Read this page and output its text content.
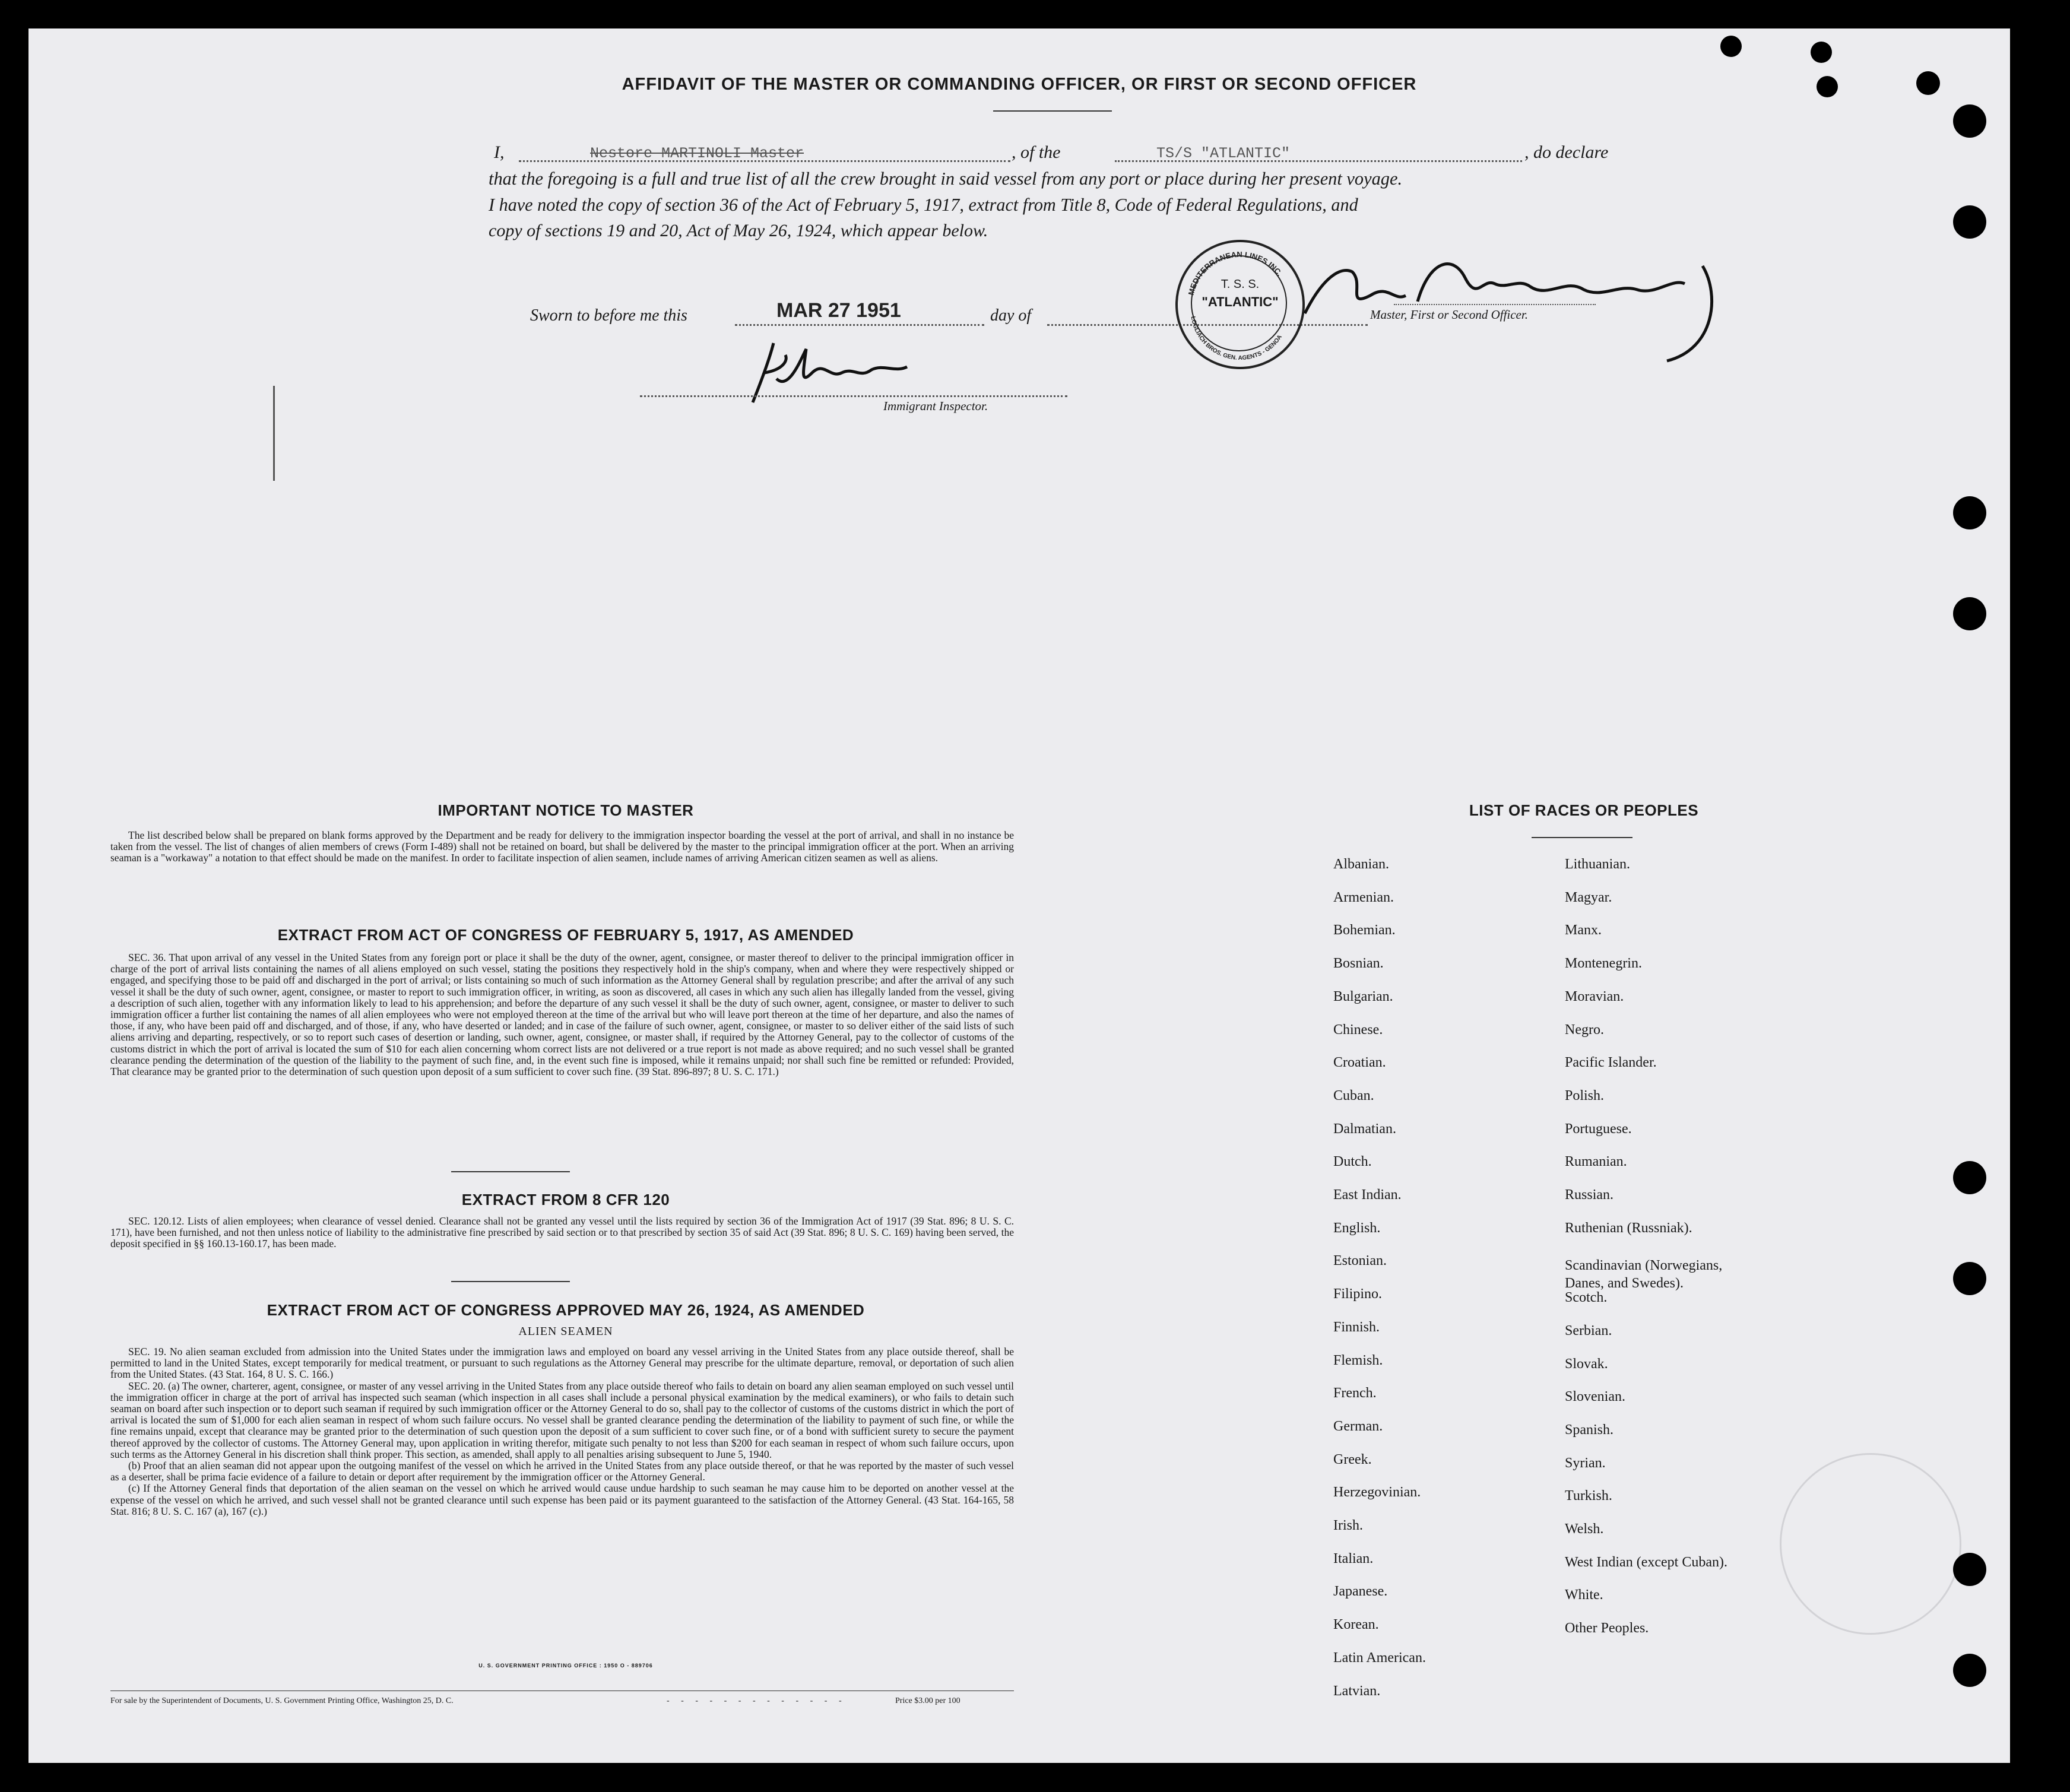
AFFIDAVIT OF THE MASTER OR COMMANDING OFFICER, OR FIRST OR SECOND OFFICER
I,	Nestore MARTINOLI Master	, of the	TS/S "ATLANTIC"	, do declare
that the foregoing is a full and true list of all the crew brought in said vessel from any port or place during her present voyage.
I have noted the copy of section 36 of the Act of February 5, 1917, extract from Title 8, Code of Federal Regulations, and
copy of sections 19 and 20, Act of May 26, 1924, which appear below.
Sworn to before me this	MAR 27 1951	day of
Immigrant Inspector.
T. S. S.
"ATLANTIC"
MEDITERRANEAN LINES INC.
LOGLIACH BROS. GEN. AGENTS - GENOA
Master, First or Second Officer.
IMPORTANT NOTICE TO MASTER

The list described below shall be prepared on blank forms approved by the Department and be ready for delivery to the immigration inspector boarding the vessel at the port of arrival, and shall in no instance be taken from the vessel. The list of changes of alien members of crews (Form I-489) shall not be retained on board, but shall be delivered by the master to the principal immigration officer at the port. When an arriving seaman is a "workaway" a notation to that effect should be made on the manifest. In order to facilitate inspection of alien seamen, include names of arriving American citizen seamen as well as aliens.

EXTRACT FROM ACT OF CONGRESS OF FEBRUARY 5, 1917, AS AMENDED

SEC. 36. That upon arrival of any vessel in the United States from any foreign port or place it shall be the duty of the owner, agent, consignee, or master thereof to deliver to the principal immigration officer in charge of the port of arrival lists containing the names of all aliens employed on such vessel, stating the positions they respectively hold in the ship's company, when and where they were respectively shipped or engaged, and specifying those to be paid off and discharged in the port of arrival; or lists containing so much of such information as the Attorney General shall by regulation prescribe; and after the arrival of any such vessel it shall be the duty of such owner, agent, consignee, or master to report to such immigration officer, in writing, as soon as discovered, all cases in which any such alien has illegally landed from the vessel, giving a description of such alien, together with any information likely to lead to his apprehension; and before the departure of any such vessel it shall be the duty of such owner, agent, consignee, or master to deliver to such immigration officer a further list containing the names of all alien employees who were not employed thereon at the time of the arrival but who will leave port thereon at the time of her departure, and also the names of those, if any, who have been paid off and discharged, and of those, if any, who have deserted or landed; and in case of the failure of such owner, agent, consignee, or master to so deliver either of the said lists of such aliens arriving and departing, respectively, or so to report such cases of desertion or landing, such owner, agent, consignee, or master shall, if required by the Attorney General, pay to the collector of customs of the customs district in which the port of arrival is located the sum of $10 for each alien concerning whom correct lists are not delivered or a true report is not made as above required; and no such vessel shall be granted clearance pending the determination of the question of the liability to the payment of such fine, and, in the event such fine is imposed, while it remains unpaid; nor shall such fine be remitted or refunded: Provided, That clearance may be granted prior to the determination of such question upon deposit of a sum sufficient to cover such fine. (39 Stat. 896-897; 8 U. S. C. 171.)

EXTRACT FROM 8 CFR 120

SEC. 120.12. Lists of alien employees; when clearance of vessel denied. Clearance shall not be granted any vessel until the lists required by section 36 of the Immigration Act of 1917 (39 Stat. 896; 8 U. S. C. 171), have been furnished, and not then unless notice of liability to the administrative fine prescribed by said section or to that prescribed by section 35 of said Act (39 Stat. 896; 8 U. S. C. 169) having been served, the deposit specified in §§ 160.13-160.17, has been made.

EXTRACT FROM ACT OF CONGRESS APPROVED MAY 26, 1924, AS AMENDED
ALIEN SEAMEN

SEC. 19. No alien seaman excluded from admission into the United States under the immigration laws and employed on board any vessel arriving in the United States from any place outside thereof, shall be permitted to land in the United States, except temporarily for medical treatment, or pursuant to such regulations as the Attorney General may prescribe for the ultimate departure, removal, or deportation of such alien from the United States. (43 Stat. 164, 8 U. S. C. 166.)

SEC. 20. (a) The owner, charterer, agent, consignee, or master of any vessel arriving in the United States from any place outside thereof who fails to detain on board any alien seaman employed on such vessel until the immigration officer in charge at the port of arrival has inspected such seaman (which inspection in all cases shall include a personal physical examination by the medical examiners), or who fails to detain such seaman on board after such inspection or to deport such seaman if required by such immigration officer or the Attorney General to do so, shall pay to the collector of customs of the customs district in which the port of arrival is located the sum of $1,000 for each alien seaman in respect of whom such failure occurs. No vessel shall be granted clearance pending the determination of the liability to payment of such fine, or while the fine remains unpaid, except that clearance may be granted prior to the determination of such question upon the deposit of a sum sufficient to cover such fine, or of a bond with sufficient surety to secure the payment thereof approved by the collector of customs. The Attorney General may, upon application in writing therefor, mitigate such penalty to not less than $200 for each seaman in respect of whom such failure occurs, upon such terms as the Attorney General in his discretion shall think proper. This section, as amended, shall apply to all penalties arising subsequent to June 5, 1940.

(b) Proof that an alien seaman did not appear upon the outgoing manifest of the vessel on which he arrived in the United States from any place outside thereof, or that he was reported by the master of such vessel as a deserter, shall be prima facie evidence of a failure to detain or deport after requirement by the immigration officer or the Attorney General.

(c) If the Attorney General finds that deportation of the alien seaman on the vessel on which he arrived would cause undue hardship to such seaman he may cause him to be deported on another vessel at the expense of the vessel on which he arrived, and such vessel shall not be granted clearance until such expense has been paid or its payment guaranteed to the satisfaction of the Attorney General. (43 Stat. 164-165, 58 Stat. 816; 8 U. S. C. 167 (a), 167 (c).)

U. S. GOVERNMENT PRINTING OFFICE : 1950 O - 889706
For sale by the Superintendent of Documents, U. S. Government Printing Office, Washington 25, D. C.	- - - - - - - - - - - - -	Price $3.00 per 100
LIST OF RACES OR PEOPLES
Albanian.
Armenian.
Bohemian.
Bosnian.
Bulgarian.
Chinese.
Croatian.
Cuban.
Dalmatian.
Dutch.
East Indian.
English.
Estonian.
Filipino.
Finnish.
Flemish.
French.
German.
Greek.
Herzegovinian.
Irish.
Italian.
Japanese.
Korean.
Latin American.
Latvian.
Lithuanian.
Magyar.
Manx.
Montenegrin.
Moravian.
Negro.
Pacific Islander.
Polish.
Portuguese.
Rumanian.
Russian.
Ruthenian (Russniak).
Scandinavian (Norwegians,
Danes, and Swedes).
Scotch.
Serbian.
Slovak.
Slovenian.
Spanish.
Syrian.
Turkish.
Welsh.
West Indian (except Cuban).
White.
Other Peoples.
